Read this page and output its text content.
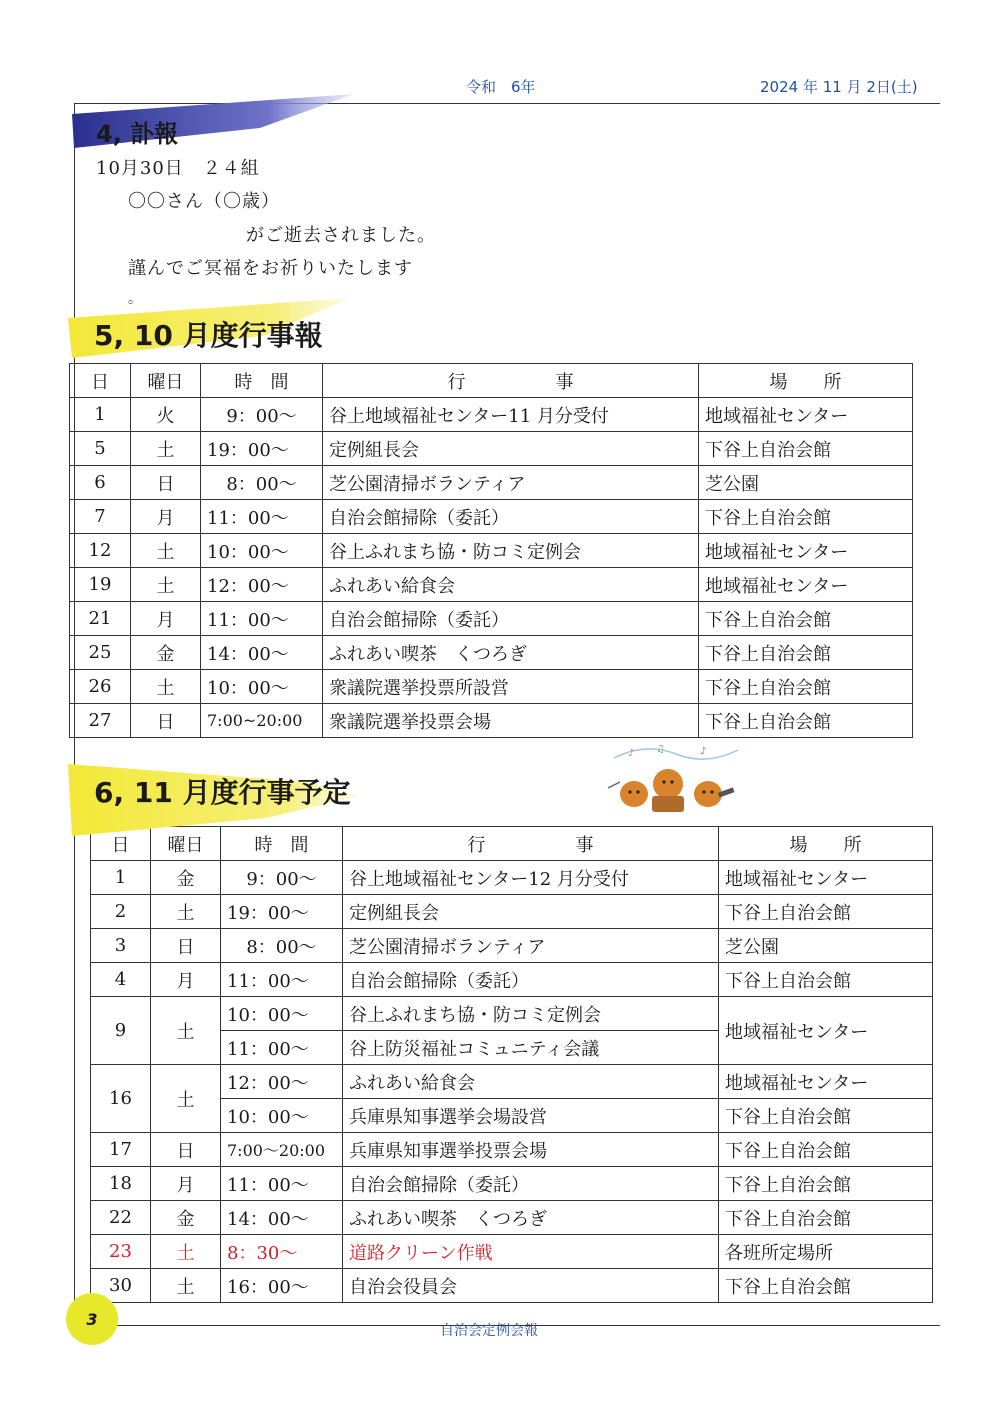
令和　6年	2024 年 11 月 2日(土)
4, 訃報
10月30日　２４組
〇〇さん（〇歳）
がご逝去されました。
謹んでご冥福をお祈りいたします
。
5, 10 月度行事報
日	曜日	時　間	行　　　　　事	場　　所
1	火	9：00〜	谷上地域福祉センター11 月分受付	地域福祉センター
5	土	19：00〜	定例組長会	下谷上自治会館
6	日	8：00〜	芝公園清掃ボランティア	芝公園
7	月	11：00〜	自治会館掃除（委託）	下谷上自治会館
12	土	10：00〜	谷上ふれまち協・防コミ定例会	地域福祉センター
19	土	12：00〜	ふれあい給食会	地域福祉センター
21	月	11：00〜	自治会館掃除（委託）	下谷上自治会館
25	金	14：00〜	ふれあい喫茶　くつろぎ	下谷上自治会館
26	土	10：00〜	衆議院選挙投票所設営	下谷上自治会館
27	日	7:00~20:00	衆議院選挙投票会場	下谷上自治会館
6, 11 月度行事予定
♪ ♫	♪
日	曜日	時　間	行　　　　　事	場　　所
1	金	9：00〜	谷上地域福祉センター12 月分受付	地域福祉センター
2	土	19：00〜	定例組長会	下谷上自治会館
3	日	8：00〜	芝公園清掃ボランティア	芝公園
4	月	11：00〜	自治会館掃除（委託）	下谷上自治会館
9	土	10：00〜	谷上ふれまち協・防コミ定例会	地域福祉センター
		11：00〜	谷上防災福祉コミュニティ会議	
16	土	12：00〜	ふれあい給食会	地域福祉センター
		10：00〜	兵庫県知事選挙会場設営	下谷上自治会館
17	日	7:00〜20:00	兵庫県知事選挙投票会場	下谷上自治会館
18	月	11：00〜	自治会館掃除（委託）	下谷上自治会館
22	金	14：00〜	ふれあい喫茶　くつろぎ	下谷上自治会館
23	土	8：30〜	道路クリーン作戦	各班所定場所
30	土	16：00〜	自治会役員会	下谷上自治会館
3
自治会定例会報
